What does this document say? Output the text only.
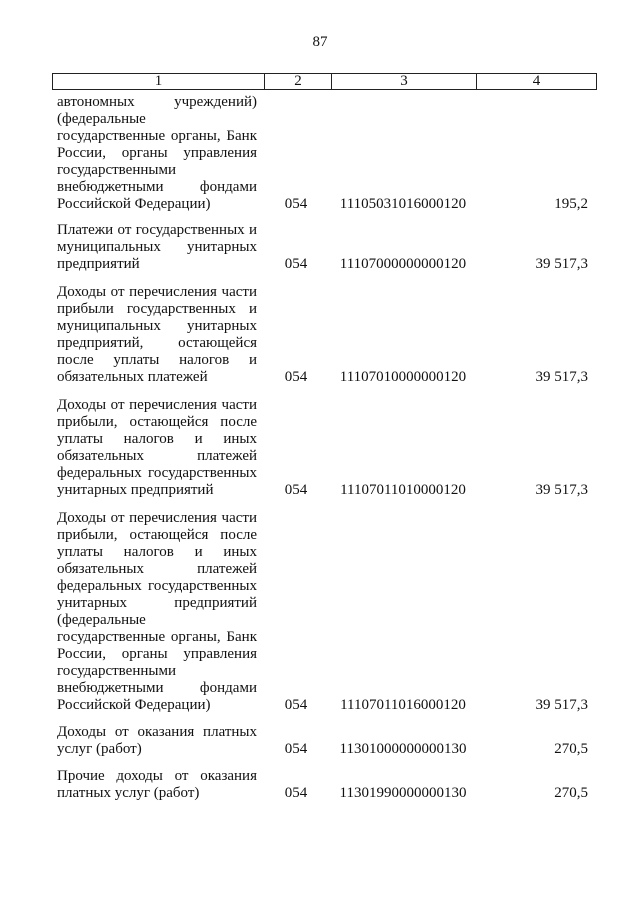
87
1	2	3	4
автономных учреждений)
(федеральные
государственные органы, Банк
России, органы управления
государственными
внебюджетными фондами
Российской Федерации)	054	11105031016000120	195,2
Платежи от государственных и
муниципальных унитарных
предприятий	054	11107000000000120	39 517,3
Доходы от перечисления части
прибыли государственных и
муниципальных унитарных
предприятий, остающейся
после уплаты налогов и
обязательных платежей	054	11107010000000120	39 517,3
Доходы от перечисления части
прибыли, остающейся после
уплаты налогов и иных
обязательных платежей
федеральных государственных
унитарных предприятий	054	11107011010000120	39 517,3
Доходы от перечисления части
прибыли, остающейся после
уплаты налогов и иных
обязательных платежей
федеральных государственных
унитарных предприятий
(федеральные
государственные органы, Банк
России, органы управления
государственными
внебюджетными фондами
Российской Федерации)	054	11107011016000120	39 517,3
Доходы от оказания платных
услуг (работ)	054	11301000000000130	270,5
Прочие доходы от оказания
платных услуг (работ)	054	11301990000000130	270,5
